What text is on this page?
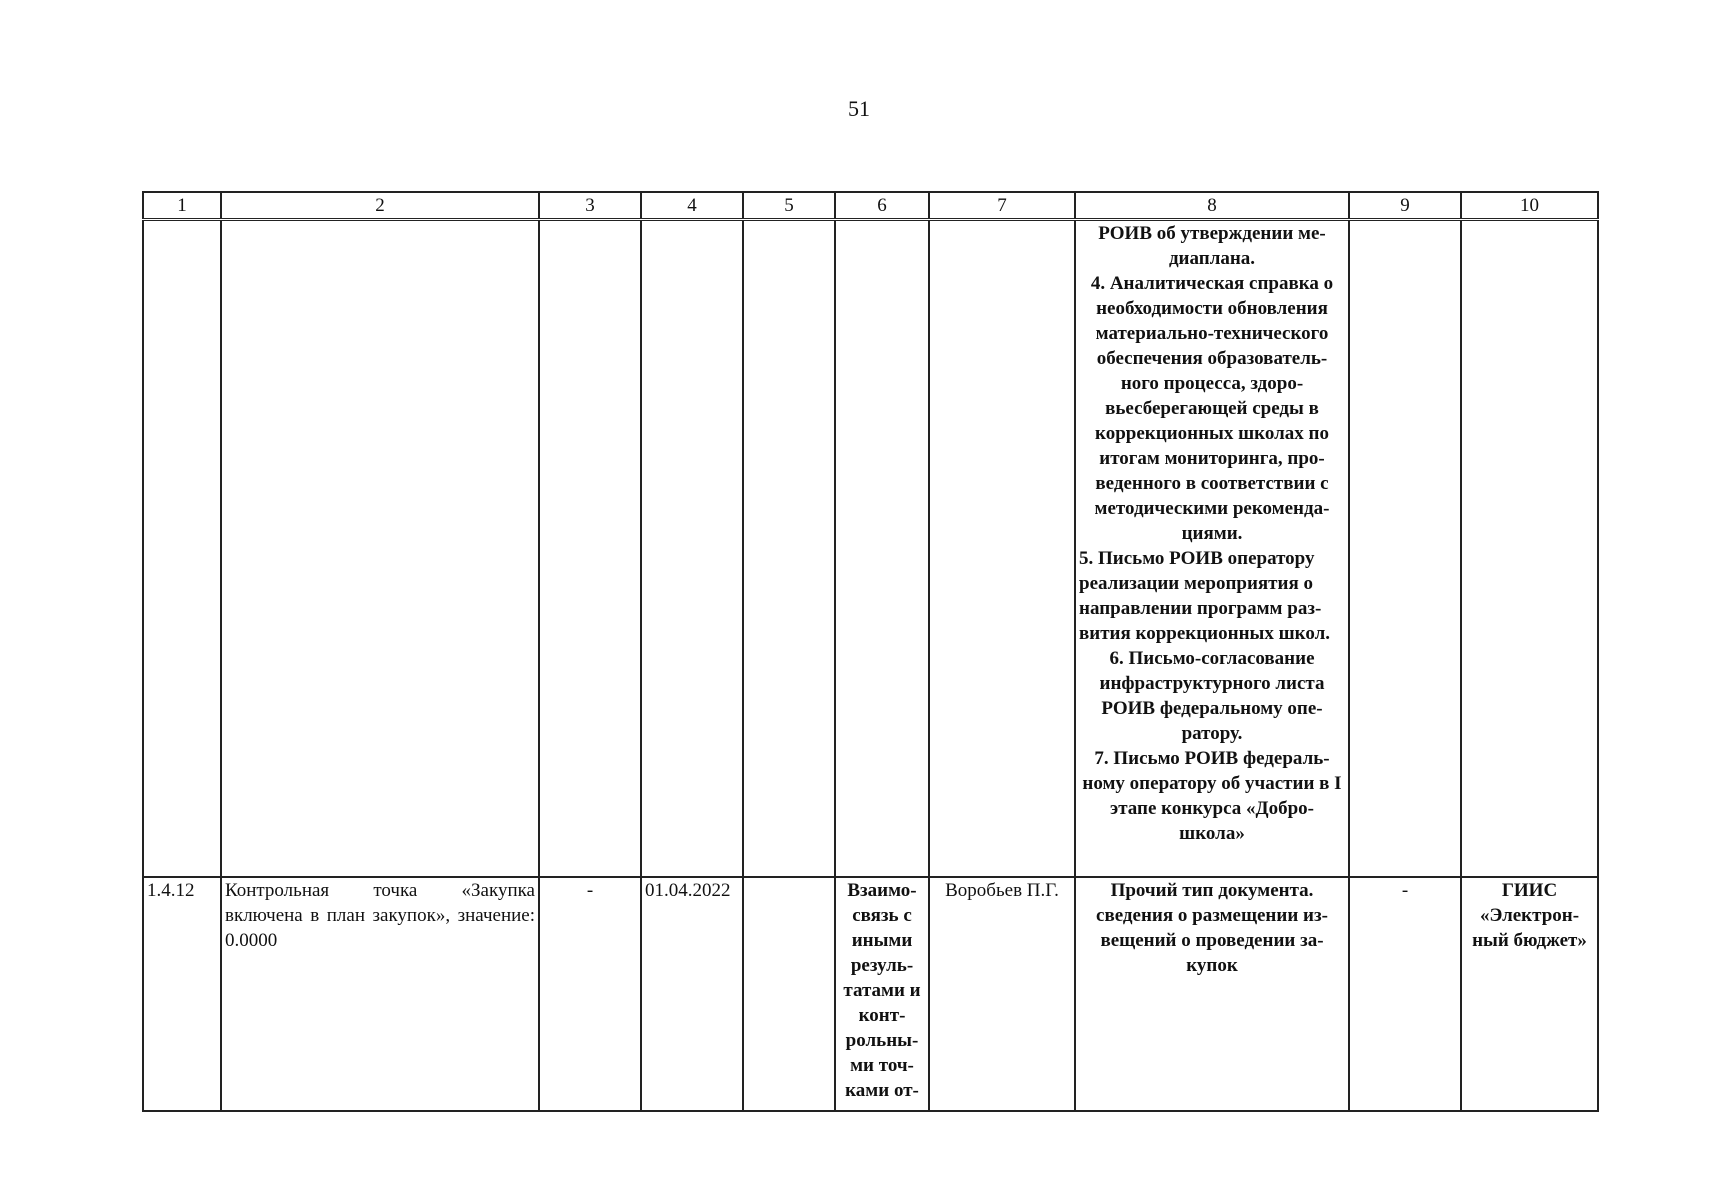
51
1	2	3	4	5	6	7	8	9	10

							РОИВ об утверждении ме-диаплана.

4. Аналитическая справка о необходимости обновления материально-технического обеспечения образователь-ного процесса, здоро-вьесберегающей среды в коррекционных школах по итогам мониторинга, про-веденного в соответствии с методическими рекоменда-циями.

5. Письмо РОИВ оператору реализации мероприятия о направлении программ раз-вития коррекционных школ.

6. Письмо-согласование инфраструктурного листа РОИВ федеральному опе-ратору.

7. Письмо РОИВ федераль-ному оператору об участии в I этапе конкурса «Добро-школа»		

1.4.12	Контрольная точка «Закупка включена в план закупок», значение: 0.0000	-	01.04.2022		Взаимо-связь с иными резуль-татами и конт-рольны-ми точ-ками от-	Воробьев П.Г.	Прочий тип документа. сведения о размещении из-вещений о проведении за-купок	-	ГИИС «Электрон-ный бюджет»
